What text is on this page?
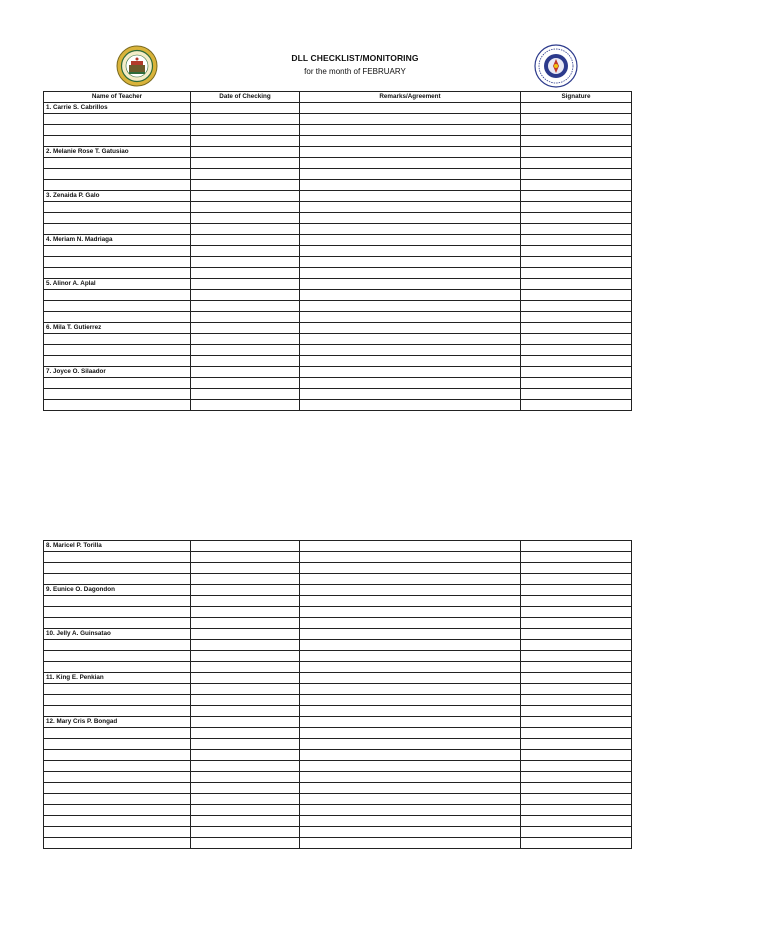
DLL CHECKLIST/MONITORING
for the month of FEBRUARY
Name of Teacher	Date of Checking	Remarks/Agreement	Signature
1. Carrie S. Cabrillos			

2. Melanie Rose T. Gatusiao			

3. Zenaida P. Galo			

4. Meriam N. Madriaga			

5. Alinor A. Aplal			

6. Mila T. Gutierrez			

7. Joyce O. Silaador			

8. Maricel P. Torilla			

9. Eunice O. Dagondon			

10. Jelly A. Guinsatao			

11. King E. Penkian			

12. Mary Cris P. Bongad			
